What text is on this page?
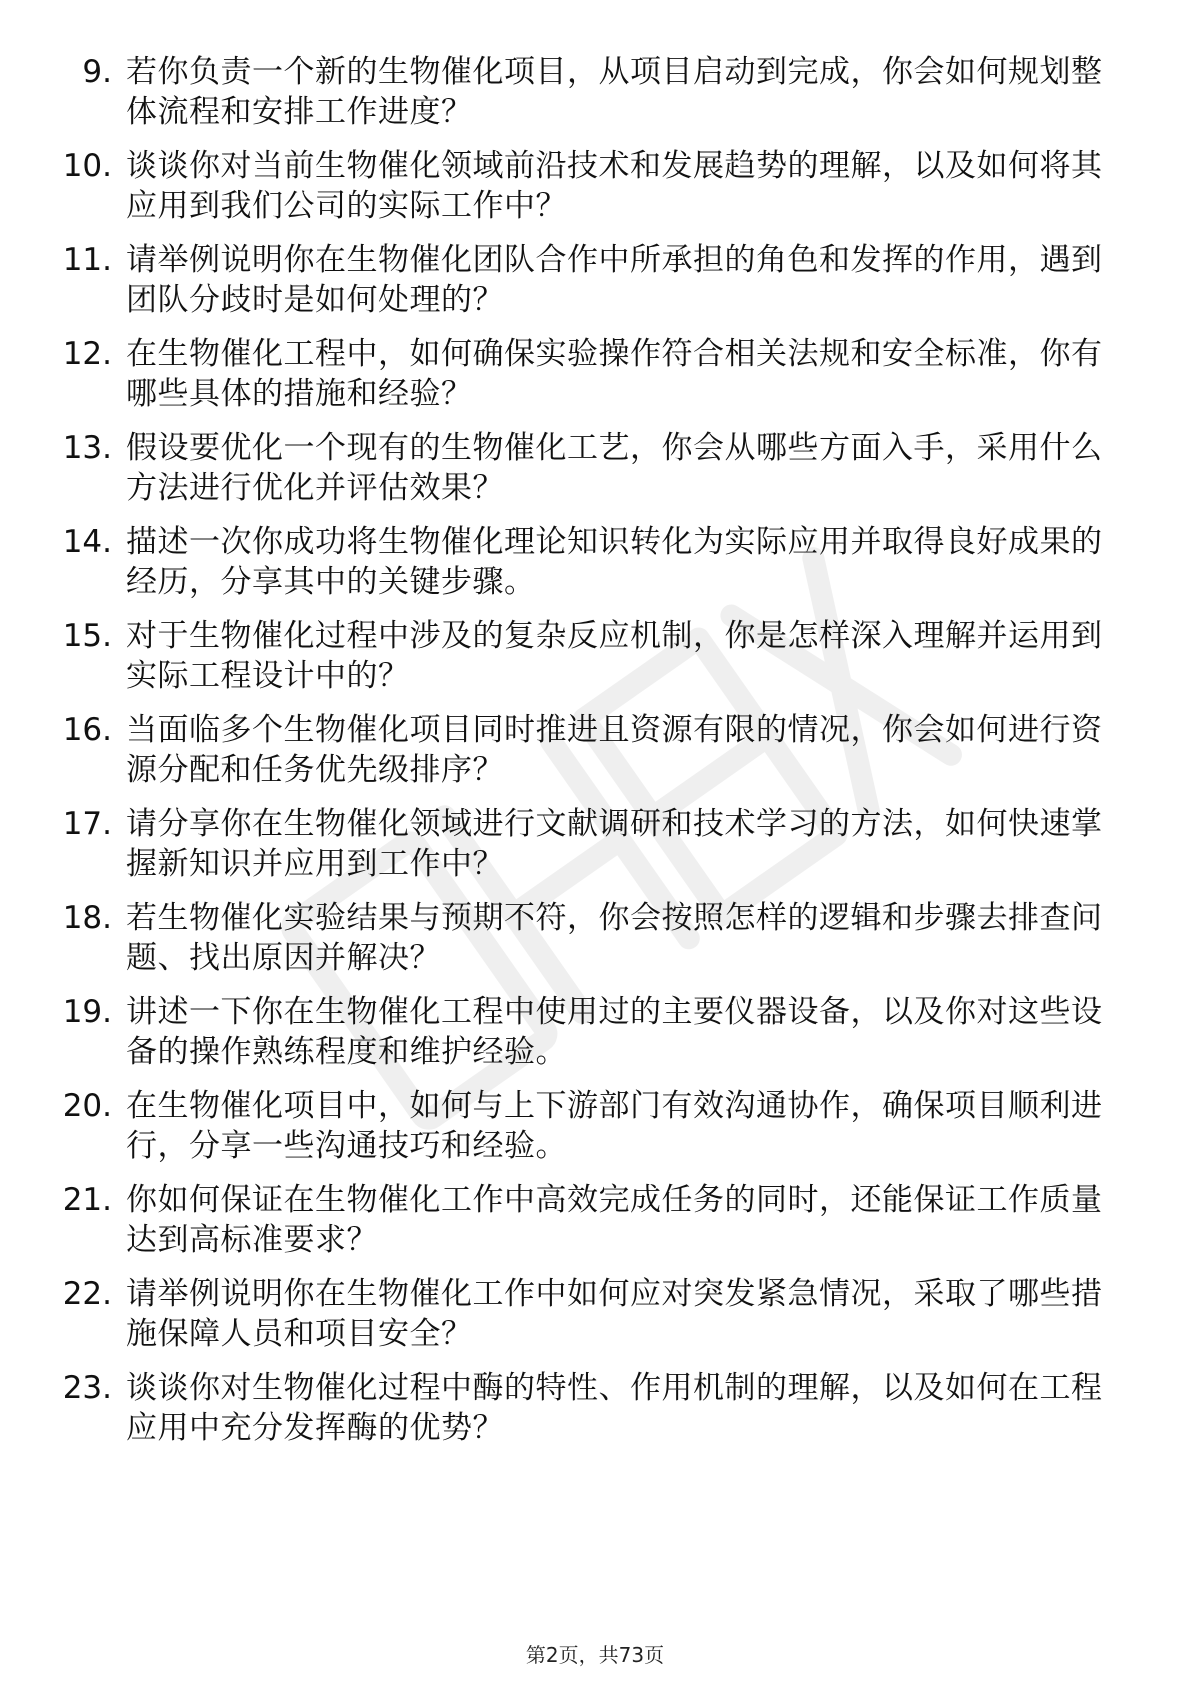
9. 若你负责一个新的生物催化项目，从项目启动到完成，你会如何规划整体流程和安排工作进度？
10. 谈谈你对当前生物催化领域前沿技术和发展趋势的理解，以及如何将其应用到我们公司的实际工作中？
11. 请举例说明你在生物催化团队合作中所承担的角色和发挥的作用，遇到团队分歧时是如何处理的？
12. 在生物催化工程中，如何确保实验操作符合相关法规和安全标准，你有哪些具体的措施和经验？
13. 假设要优化一个现有的生物催化工艺，你会从哪些方面入手，采用什么方法进行优化并评估效果？
14. 描述一次你成功将生物催化理论知识转化为实际应用并取得良好成果的经历，分享其中的关键步骤。
15. 对于生物催化过程中涉及的复杂反应机制，你是怎样深入理解并运用到实际工程设计中的？
16. 当面临多个生物催化项目同时推进且资源有限的情况，你会如何进行资源分配和任务优先级排序？
17. 请分享你在生物催化领域进行文献调研和技术学习的方法，如何快速掌握新知识并应用到工作中？
18. 若生物催化实验结果与预期不符，你会按照怎样的逻辑和步骤去排查问题、找出原因并解决？
19. 讲述一下你在生物催化工程中使用过的主要仪器设备，以及你对这些设备的操作熟练程度和维护经验。
20. 在生物催化项目中，如何与上下游部门有效沟通协作，确保项目顺利进行，分享一些沟通技巧和经验。
21. 你如何保证在生物催化工作中高效完成任务的同时，还能保证工作质量达到高标准要求？
22. 请举例说明你在生物催化工作中如何应对突发紧急情况，采取了哪些措施保障人员和项目安全？
23. 谈谈你对生物催化过程中酶的特性、作用机制的理解，以及如何在工程应用中充分发挥酶的优势？
第2页，共73页
